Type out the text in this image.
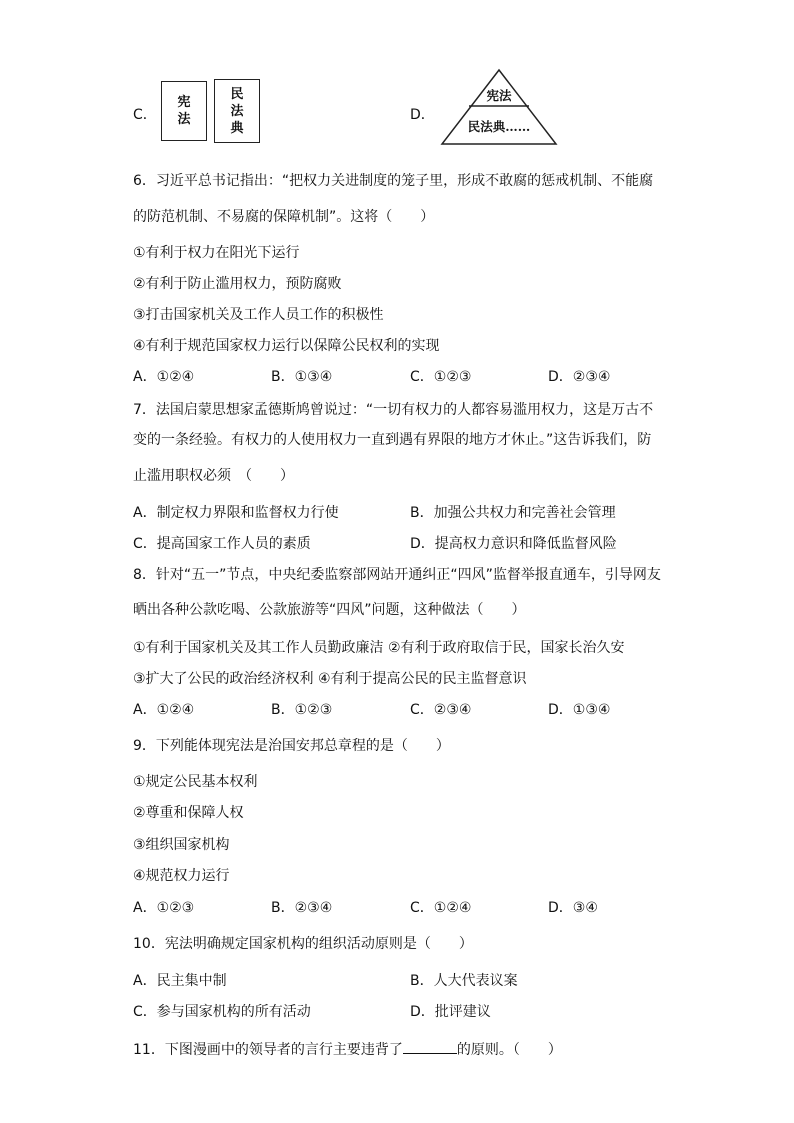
C．
宪
法
民
法
典
D．
宪法
民法典……
6．习近平总书记指出：“把权力关进制度的笼子里，形成不敢腐的惩戒机制、不能腐
的防范机制、不易腐的保障机制”。这将（　　）
①有利于权力在阳光下运行
②有利于防止滥用权力，预防腐败
③打击国家机关及工作人员工作的积极性
④有利于规范国家权力运行以保障公民权利的实现
A．①②④	B．①③④	C．①②③	D．②③④
7．法国启蒙思想家孟德斯鸠曾说过：“一切有权力的人都容易滥用权力，这是万古不
变的一条经验。有权力的人使用权力一直到遇有界限的地方才休止。”这告诉我们，防
止滥用职权必须　（　　）
A．制定权力界限和监督权力行使	B．加强公共权力和完善社会管理
C．提高国家工作人员的素质	D．提高权力意识和降低监督风险
8．针对“五一”节点，中央纪委监察部网站开通纠正“四风”监督举报直通车，引导网友
晒出各种公款吃喝、公款旅游等“四风”问题，这种做法（　　）
①有利于国家机关及其工作人员勤政廉洁 ②有利于政府取信于民，国家长治久安
③扩大了公民的政治经济权利 ④有利于提高公民的民主监督意识
A．①②④	B．①②③	C．②③④	D．①③④
9．下列能体现宪法是治国安邦总章程的是（　　）
①规定公民基本权利
②尊重和保障人权
③组织国家机构
④规范权力运行
A．①②③	B．②③④	C．①②④	D．③④
10．宪法明确规定国家机构的组织活动原则是（　　）
A．民主集中制	B．人大代表议案
C．参与国家机构的所有活动	D．批评建议
11．下图漫画中的领导者的言行主要违背了	的原则。（　　）
